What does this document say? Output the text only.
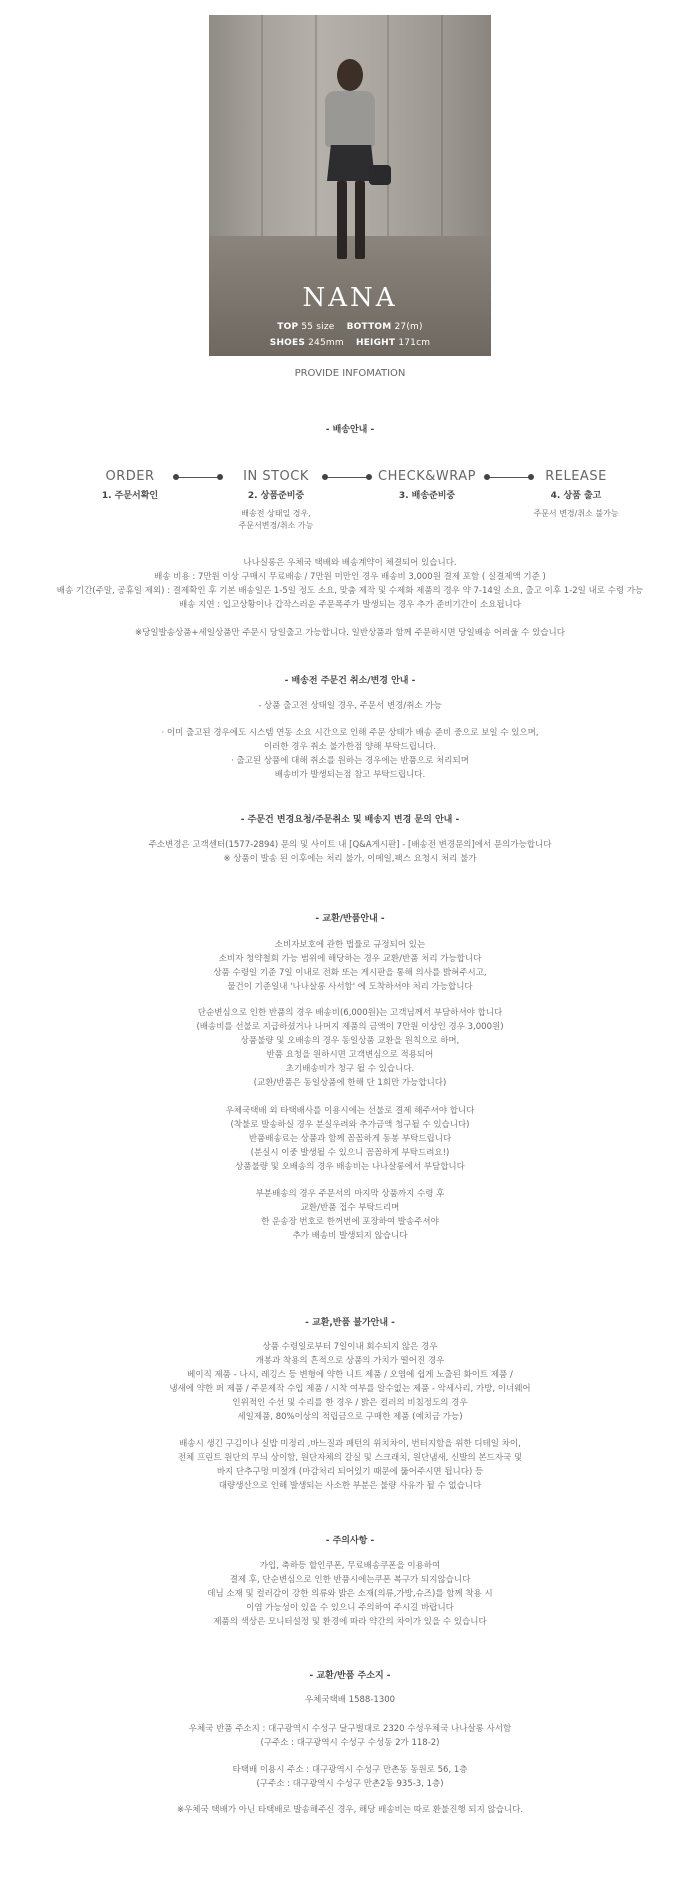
NANA
TOP 55 size BOTTOM 27(m)
SHOES 245mm HEIGHT 171cm
PROVIDE INFOMATION
- 배송안내 -
ORDER
1. 주문서확인
IN STOCK
2. 상품준비중
배송전 상태일 경우,
주문서변경/취소 가능
CHECK&WRAP
3. 배송준비중
RELEASE
4. 상품 출고
주문서 변경/취소 불가능
나나실롱은 우체국 택배와 배송계약이 체결되어 있습니다.
배송 비용 : 7만원 이상 구매시 무료배송 / 7만원 미만인 경우 배송비 3,000원 결제 포함 ( 실결제액 기준 )
배송 기간(주말, 공휴일 제외) : 결제확인 후 기본 배송일은 1-5일 정도 소요, 맞춤 제작 및 수제화 제품의 경우 약 7-14일 소요, 출고 이후 1-2일 내로 수령 가능
배송 지연 : 입고상황이나 갑작스러운 주문폭주가 발생되는 경우 추가 준비기간이 소요됩니다

※당일발송상품+세일상품만 주문시 당일출고 가능합니다. 일반상품과 함께 주문하시면 당일배송 어려울 수 있습니다
- 배송전 주문건 취소/변경 안내 -
- 상품 출고전 상태일 경우, 주문서 변경/취소 가능
· 이미 출고된 경우에도 시스템 연동 소요 시간으로 인해 주문 상태가 배송 준비 중으로 보일 수 있으며,
이러한 경우 취소 불가한점 양해 부탁드립니다.
· 출고된 상품에 대해 취소를 원하는 경우에는 반품으로 처리되며
배송비가 발생되는점 참고 부탁드립니다.
- 주문건 변경요청/주문취소 및 배송지 변경 문의 안내 -
주소변경은 고객센터(1577-2894) 문의 및 사이트 내 [Q&A게시판] - [배송전 변경문의]에서 문의가능합니다
※ 상품이 발송 된 이후에는 처리 불가, 이메일,팩스 요청시 처리 불가
- 교환/반품안내 -
소비자보호에 관한 법률로 규정되어 있는
소비자 청약철회 가능 범위에 해당하는 경우 교환/반품 처리 가능합니다
상품 수령일 기준 7일 이내로 전화 또는 게시판을 통해 의사를 밝혀주시고,
물건이 기준일내 '나나살롱 사서함' 에 도착하셔야 처리 가능합니다
단순변심으로 인한 반품의 경우 배송비(6,000원)는 고객님께서 부담하셔야 합니다
(배송비를 선불로 지급하셨거나 나머지 제품의 금액이 7만원 이상인 경우 3,000원)
상품불량 및 오배송의 경우 동일상품 교환을 원칙으로 하며,
반품 요청을 원하시면 고객변심으로 적용되어
초기배송비가 청구 될 수 있습니다.
(교환/반품은 동일상품에 한해 단 1회만 가능합니다)
우체국택배 외 타택배사를 이용시에는 선불로 결제 해주셔야 합니다
(착불로 발송하실 경우 분실우려와 추가금액 청구될 수 있습니다)
반품배송료는 상품과 함께 꼼꼼하게 동봉 부탁드립니다
(분실시 이중 발생될 수 있으니 꼼꼼하게 부탁드려요!)
상품불량 및 오배송의 경우 배송비는 나나살롱에서 부담합니다
부분배송의 경우 주문서의 마지막 상품까지 수령 후
교환/반품 접수 부탁드리며
한 운송장 번호로 한꺼번에 포장하여 발송주셔야
추가 배송비 발생되지 않습니다
- 교환,반품 불가안내 -
상품 수령일로부터 7일이내 회수되지 않은 경우
개봉과 착용의 흔적으로 상품의 가치가 떨어진 경우
베이직 제품 - 나시, 레깅스 등 변형에 약한 니트 제품 / 오염에 쉽게 노출된 화이트 제품 /
냉새에 약한 퍼 제품 / 주문제작 수입 제품 / 시착 여부를 알수없는 제품 - 악세사리, 가방, 이너웨어
인위적인 수선 및 수리를 한 경우 / 밝은 컬러의 비침정도의 경우
세일제품, 80%이상의 적립금으로 구매한 제품 (예치금 가능)
배송시 생긴 구김이나 실밥 미정리 ,바느질과 패턴의 위치차이, 번터지함을 위한 디테일 차이,
전체 프린트 원단의 무늬 상이함, 원단자체의 갈실 및 스크래치, 원단냄새, 신발의 본드자국 및
바지 단추구멍 미절개 (마감처리 되어있기 때문에 뚫어주시면 됩니다) 등
대량생산으로 인해 발생되는 사소한 부분은 불량 사유가 될 수 없습니다
- 주의사항 -
가입, 축하등 할인쿠폰, 무료배송쿠폰을 이용하여
결제 후, 단순변심으로 인한 반품시에는쿠폰 복구가 되지않습니다
데님 소재 및 컬러감이 강한 의류와 밝은 소재(의류,가방,슈즈)를 함께 착용 시
이염 가능성이 있을 수 있으니 주의하여 주시길 바랍니다
제품의 색상은 모니터설정 및 환경에 따라 약간의 차이가 있을 수 있습니다
- 교환/반품 주소지 -
우체국택배 1588-1300
우체국 반품 주소지 : 대구광역시 수성구 달구벌대로 2320 수성우체국 나나살롱 사서함
(구주소 : 대구광역시 수성구 수성동 2가 118-2)
타택배 이용시 주소 : 대구광역시 수성구 만촌동 동원로 56, 1층
(구주소 : 대구광역시 수성구 만촌2동 935-3, 1층)
※우체국 택배가 아닌 타택배로 발송해주신 경우, 해당 배송비는 따로 환불진행 되지 않습니다.
